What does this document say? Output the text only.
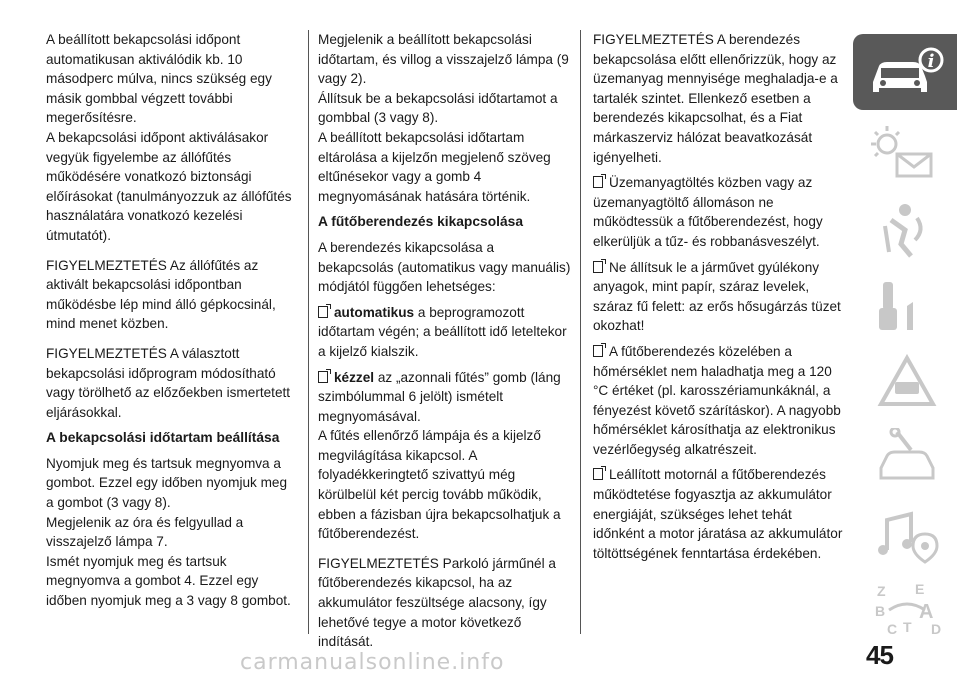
A beállított bekapcsolási időpont automatikusan aktiválódik kb. 10 másodperc múlva, nincs szükség egy másik gombbal végzett további megerősítésre.

A bekapcsolási időpont aktiválásakor vegyük figyelembe az állófűtés működésére vonatkozó biztonsági előírásokat (tanulmányozzuk az állófűtés használatára vonatkozó kezelési útmutatót).

FIGYELMEZTETÉS Az állófűtés az aktivált bekapcsolási időpontban működésbe lép mind álló gépkocsinál, mind menet közben.

FIGYELMEZTETÉS A választott bekapcsolási időprogram módosítható vagy törölhető az előzőekben ismertetett eljárásokkal.

A bekapcsolási időtartam beállítása

Nyomjuk meg és tartsuk megnyomva a gombot. Ezzel egy időben nyomjuk meg a gombot (3 vagy 8).

Megjelenik az óra és felgyullad a visszajelző lámpa 7.

Ismét nyomjuk meg és tartsuk megnyomva a gombot 4. Ezzel egy időben nyomjuk meg a 3 vagy 8 gombot.

Megjelenik a beállított bekapcsolási időtartam, és villog a visszajelző lámpa (9 vagy 2).

Állítsuk be a bekapcsolási időtartamot a gombbal (3 vagy 8).

A beállított bekapcsolási időtartam eltárolása a kijelzőn megjelenő szöveg eltűnésekor vagy a gomb 4 megnyomásának hatására történik.

A fűtőberendezés kikapcsolása

A berendezés kikapcsolása a bekapcsolás (automatikus vagy manuális) módjától függően lehetséges:

automatikus a beprogramozott időtartam végén; a beállított idő leteltekor a kijelző kialszik.

kézzel az „azonnali fűtés” gomb (láng szimbólummal 6 jelölt) ismételt megnyomásával.

A fűtés ellenőrző lámpája és a kijelző megvilágítása kikapcsol. A folyadékkeringtető szivattyú még körülbelül két percig tovább működik, ebben a fázisban újra bekapcsolhatjuk a fűtőberendezést.

FIGYELMEZTETÉS Parkoló járműnél a fűtőberendezés kikapcsol, ha az akkumulátor feszültsége alacsony, így lehetővé tegye a motor következő indítását.

FIGYELMEZTETÉS A berendezés bekapcsolása előtt ellenőrizzük, hogy az üzemanyag mennyisége meghaladja-e a tartalék szintet. Ellenkező esetben a berendezés kikapcsolhat, és a Fiat márkaszerviz hálózat beavatkozását igényelheti.

Üzemanyagtöltés közben vagy az üzemanyagtöltő állomáson ne működtessük a fűtőberendezést, hogy elkerüljük a tűz- és robbanásveszélyt.

Ne állítsuk le a járművet gyúlékony anyagok, mint papír, száraz levelek, száraz fű felett: az erős hősugárzás tüzet okozhat!

A fűtőberendezés közelében a hőmérséklet nem haladhatja meg a 120 °C értéket (pl. karosszériamunkáknál, a fényezést követő szárításkor). A nagyobb hőmérséklet károsíthatja az elektronikus vezérlőegység alkatrészeit.

Leállított motornál a fűtőberendezés működtetése fogyasztja az akkumulátor energiáját, szükséges lehet tehát időnként a motor járatása az akkumulátor töltöttségének fenntartása érdekében.

i
Z E
B A
C T D
45
carmanualsonline.info
